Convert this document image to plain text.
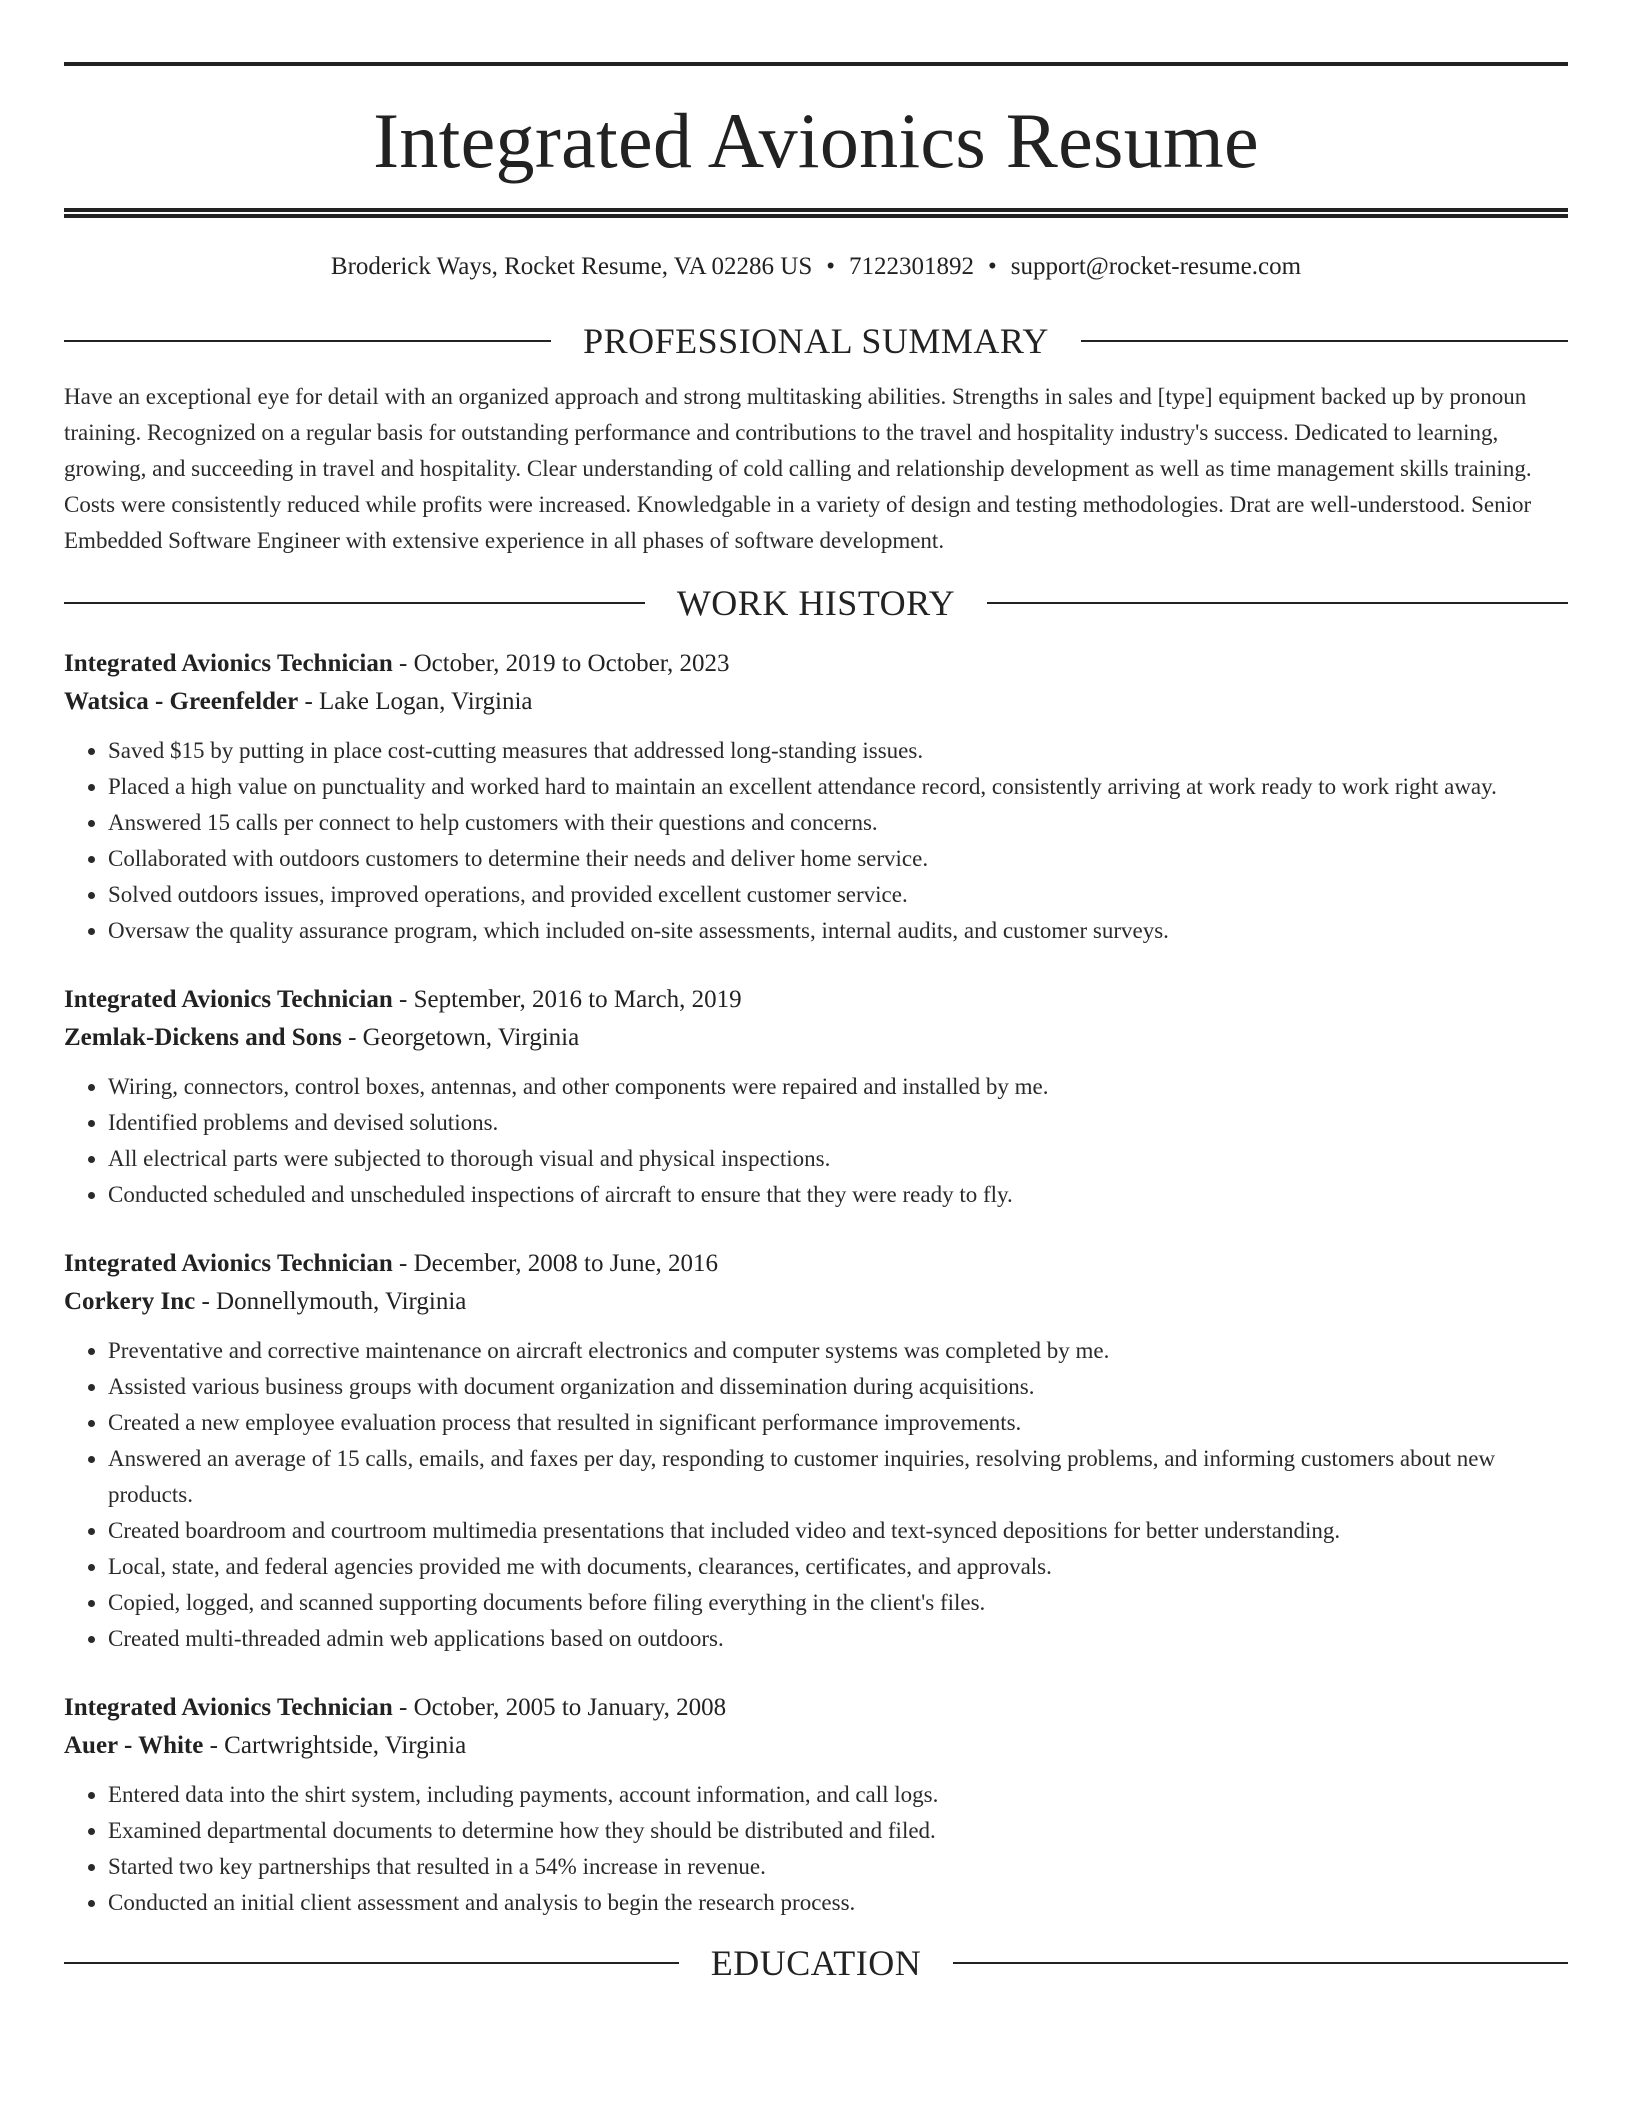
Integrated Avionics Resume
Broderick Ways, Rocket Resume, VA 02286 US • 7122301892 • support@rocket-resume.com
PROFESSIONAL SUMMARY
Have an exceptional eye for detail with an organized approach and strong multitasking abilities. Strengths in sales and [type] equipment backed up by pronoun training. Recognized on a regular basis for outstanding performance and contributions to the travel and hospitality industry's success. Dedicated to learning, growing, and succeeding in travel and hospitality. Clear understanding of cold calling and relationship development as well as time management skills training. Costs were consistently reduced while profits were increased. Knowledgable in a variety of design and testing methodologies. Drat are well-understood. Senior Embedded Software Engineer with extensive experience in all phases of software development.
WORK HISTORY
Integrated Avionics Technician - October, 2019 to October, 2023
Watsica - Greenfelder - Lake Logan, Virginia
• Saved $15 by putting in place cost-cutting measures that addressed long-standing issues.
• Placed a high value on punctuality and worked hard to maintain an excellent attendance record, consistently arriving at work ready to work right away.
• Answered 15 calls per connect to help customers with their questions and concerns.
• Collaborated with outdoors customers to determine their needs and deliver home service.
• Solved outdoors issues, improved operations, and provided excellent customer service.
• Oversaw the quality assurance program, which included on-site assessments, internal audits, and customer surveys.
Integrated Avionics Technician - September, 2016 to March, 2019
Zemlak-Dickens and Sons - Georgetown, Virginia
• Wiring, connectors, control boxes, antennas, and other components were repaired and installed by me.
• Identified problems and devised solutions.
• All electrical parts were subjected to thorough visual and physical inspections.
• Conducted scheduled and unscheduled inspections of aircraft to ensure that they were ready to fly.
Integrated Avionics Technician - December, 2008 to June, 2016
Corkery Inc - Donnellymouth, Virginia
• Preventative and corrective maintenance on aircraft electronics and computer systems was completed by me.
• Assisted various business groups with document organization and dissemination during acquisitions.
• Created a new employee evaluation process that resulted in significant performance improvements.
• Answered an average of 15 calls, emails, and faxes per day, responding to customer inquiries, resolving problems, and informing customers about new products.
• Created boardroom and courtroom multimedia presentations that included video and text-synced depositions for better understanding.
• Local, state, and federal agencies provided me with documents, clearances, certificates, and approvals.
• Copied, logged, and scanned supporting documents before filing everything in the client's files.
• Created multi-threaded admin web applications based on outdoors.
Integrated Avionics Technician - October, 2005 to January, 2008
Auer - White - Cartwrightside, Virginia
• Entered data into the shirt system, including payments, account information, and call logs.
• Examined departmental documents to determine how they should be distributed and filed.
• Started two key partnerships that resulted in a 54% increase in revenue.
• Conducted an initial client assessment and analysis to begin the research process.
EDUCATION
